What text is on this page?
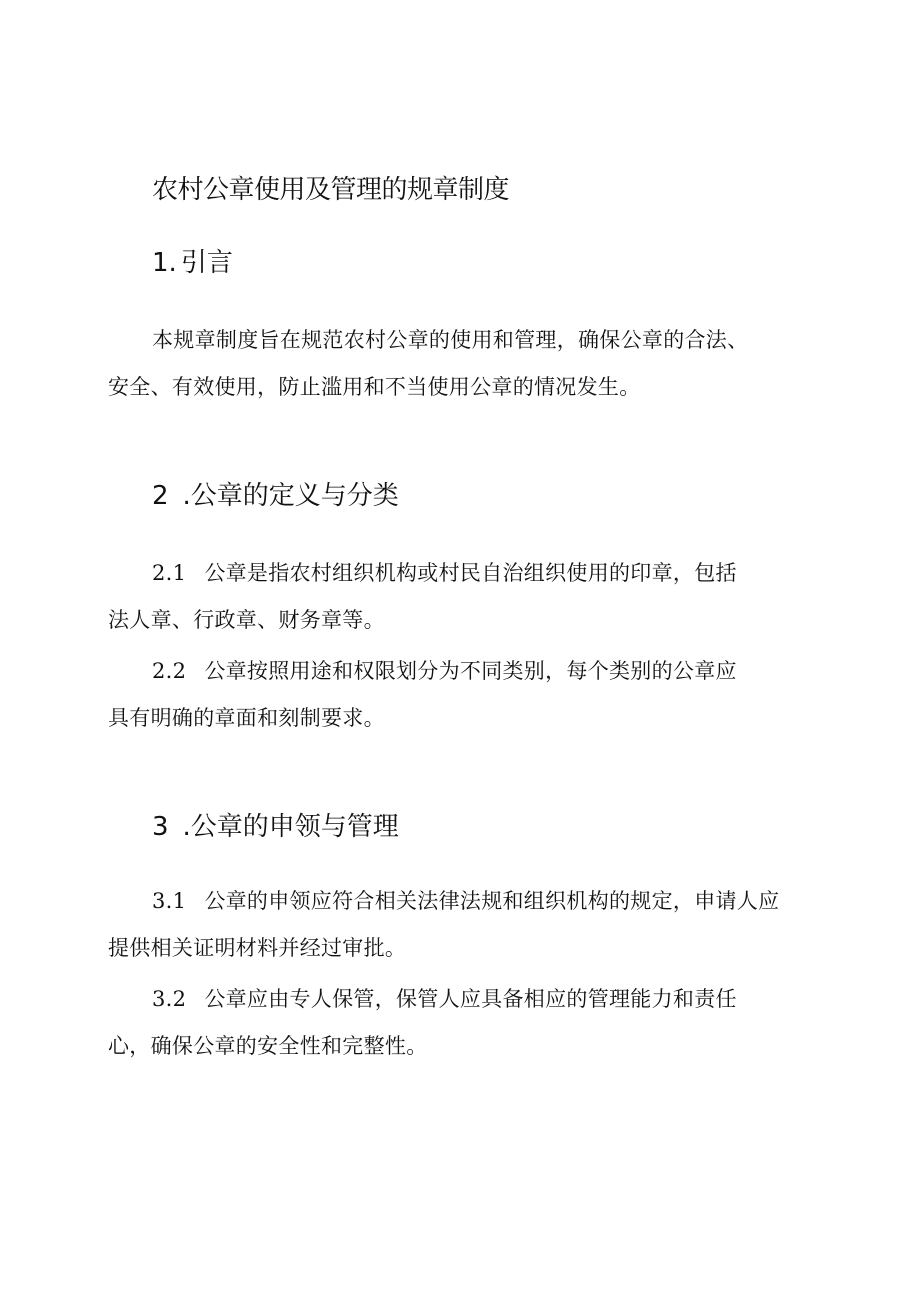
农村公章使用及管理的规章制度
1. 引言
本规章制度旨在规范农村公章的使用和管理，确保公章的合法、
安全、有效使用，防止滥用和不当使用公章的情况发生。
2 .公章的定义与分类
2.1 公章是指农村组织机构或村民自治组织使用的印章，包括
法人章、行政章、财务章等。
2.2 公章按照用途和权限划分为不同类别，每个类别的公章应
具有明确的章面和刻制要求。
3 .公章的申领与管理
3.1 公章的申领应符合相关法律法规和组织机构的规定，申请人应
提供相关证明材料并经过审批。
3.2 公章应由专人保管，保管人应具备相应的管理能力和责任
心，确保公章的安全性和完整性。
